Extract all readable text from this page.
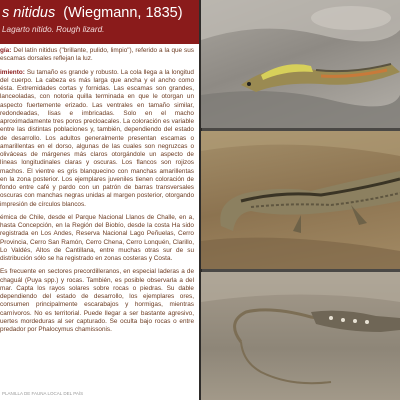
s nitidus (Wiegmann, 1835)
Lagarto nitido. Rough lizard.

gía: Del latín nitidus ("brillante, pulido, limpio"), referido a la que sus escamas dorsales reflejan la luz.

imiento: Su tamaño es grande y robusto. La cola llega a la longitud del cuerpo. La cabeza es más larga que ancha y el ancho como ésta. Extremidades cortas y fornidas. Las escamas son grandes, lanceoladas, con notoria quilla terminada en que le otorgan un aspecto fuertemente erizado. Las ventrales en tamaño similar, redondeadas, lisas e imbricadas. Solo en el macho aproximadamente tres poros precloacales. La coloración es variable entre las distintas poblaciones y, también, dependiendo del estado de desarrollo. Los adultos generalmente presentan escamas o amarillentas en el dorso, algunas de las cuales son negruzcas o oliváceas de márgenes más claros otorgándole un aspecto de líneas longitudinales claras y oscuras. Los flancos son rojizos machos. El vientre es gris blanquecino con manchas amarillentas en la zona posterior. Los ejemplares juveniles tienen coloración de fondo entre café y pardo con un patrón de barras transversales oscuras con manchas negras unidas al margen posterior, otorgando impresión de círculos blancos.

émica de Chile, desde el Parque Nacional Llanos de Challe, en a, hasta Concepción, en la Región del Biobío, desde la costa Ha sido registrada en Los Andes, Reserva Nacional Lago Peñuelas, Cerro Provincia, Cerro San Ramón, Cerro Chena, Cerro Lonquén, Clarillo, Lo Valdés, Altos de Cantillana, entre muchas otras sur de su distribución sólo se ha registrado en zonas costeras y Costa.

Es frecuente en sectores precordilleranos, en especial laderas a de chaguál (Puya spp.) y rocas. También, es posible observarla a del mar. Capta los rayos solares sobre rocas o piedras. Su dable dependiendo del estado de desarrollo, los ejemplares ores, consumen principalmente escarabajos y hormigas, mientras carnívoros. No es territorial. Puede llegar a ser bastante agresivo, uertes mordeduras al ser capturado. Se oculta bajo rocas o entre predador por Phalocymus chamissonis.

PLANILLA DE FAUNA LOCAL DEL PAÍS
